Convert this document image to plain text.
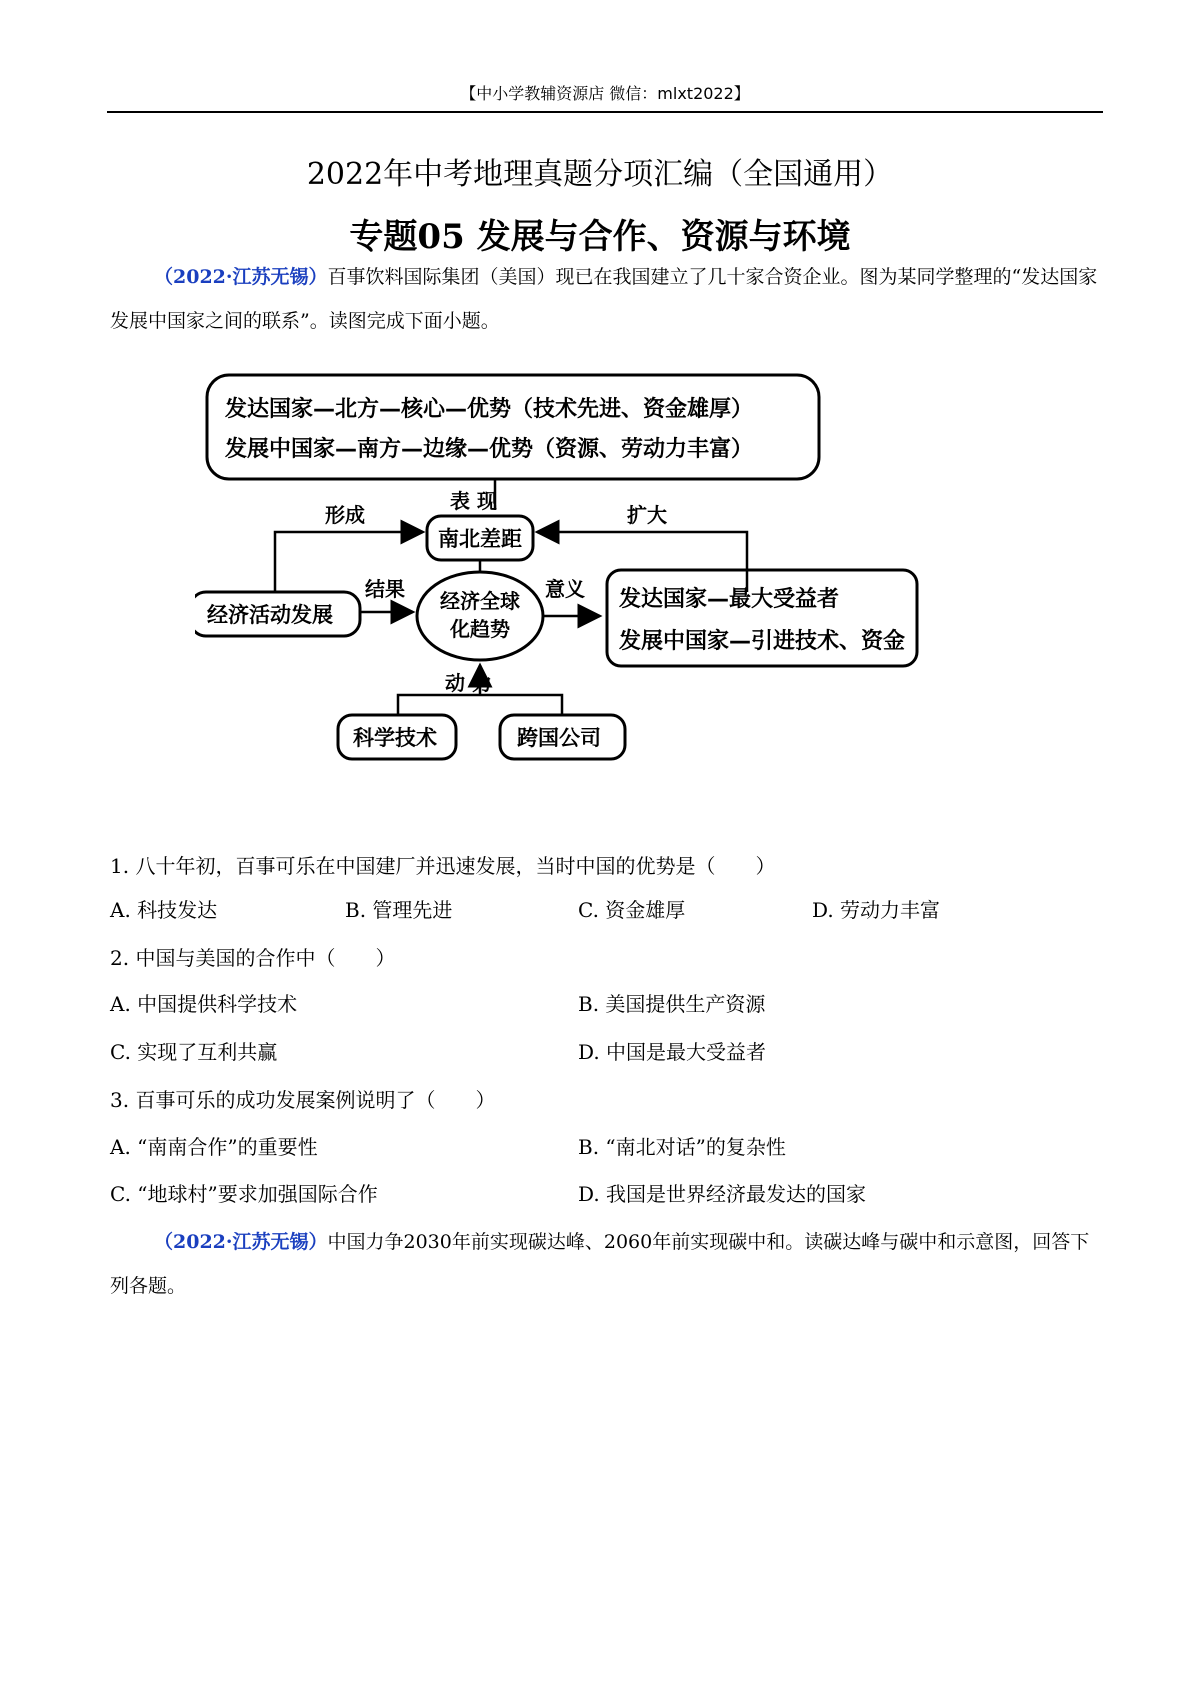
【中小学教辅资源店 微信：mlxt2022】
2022年中考地理真题分项汇编（全国通用）
专题05 发展与合作、资源与环境
（2022·江苏无锡）百事饮料国际集团（美国）现已在我国建立了几十家合资企业。图为某同学整理的“发达国家发展中国家之间的联系”。读图完成下面小题。
发达国家—北方—核心—优势（技术先进、资金雄厚）
发展中国家—南方—边缘—优势（资源、劳动力丰富）
表 现
南北差距
形成	扩大
经济活动发展
结果 经济全球
化趋势
意义 发达国家—最大受益者
发展中国家—引进技术、资金
动 力
科学技术	跨国公司
1. 八十年初，百事可乐在中国建厂并迅速发展，当时中国的优势是（　　）
A. 科技发达	B. 管理先进	C. 资金雄厚	D. 劳动力丰富
2. 中国与美国的合作中（　　）
A. 中国提供科学技术	B. 美国提供生产资源
C. 实现了互利共赢	D. 中国是最大受益者
3. 百事可乐的成功发展案例说明了（　　）
A. “南南合作”的重要性	B. “南北对话”的复杂性
C. “地球村”要求加强国际合作	D. 我国是世界经济最发达的国家
（2022·江苏无锡）中国力争2030年前实现碳达峰、2060年前实现碳中和。读碳达峰与碳中和示意图，回答下列各题。
